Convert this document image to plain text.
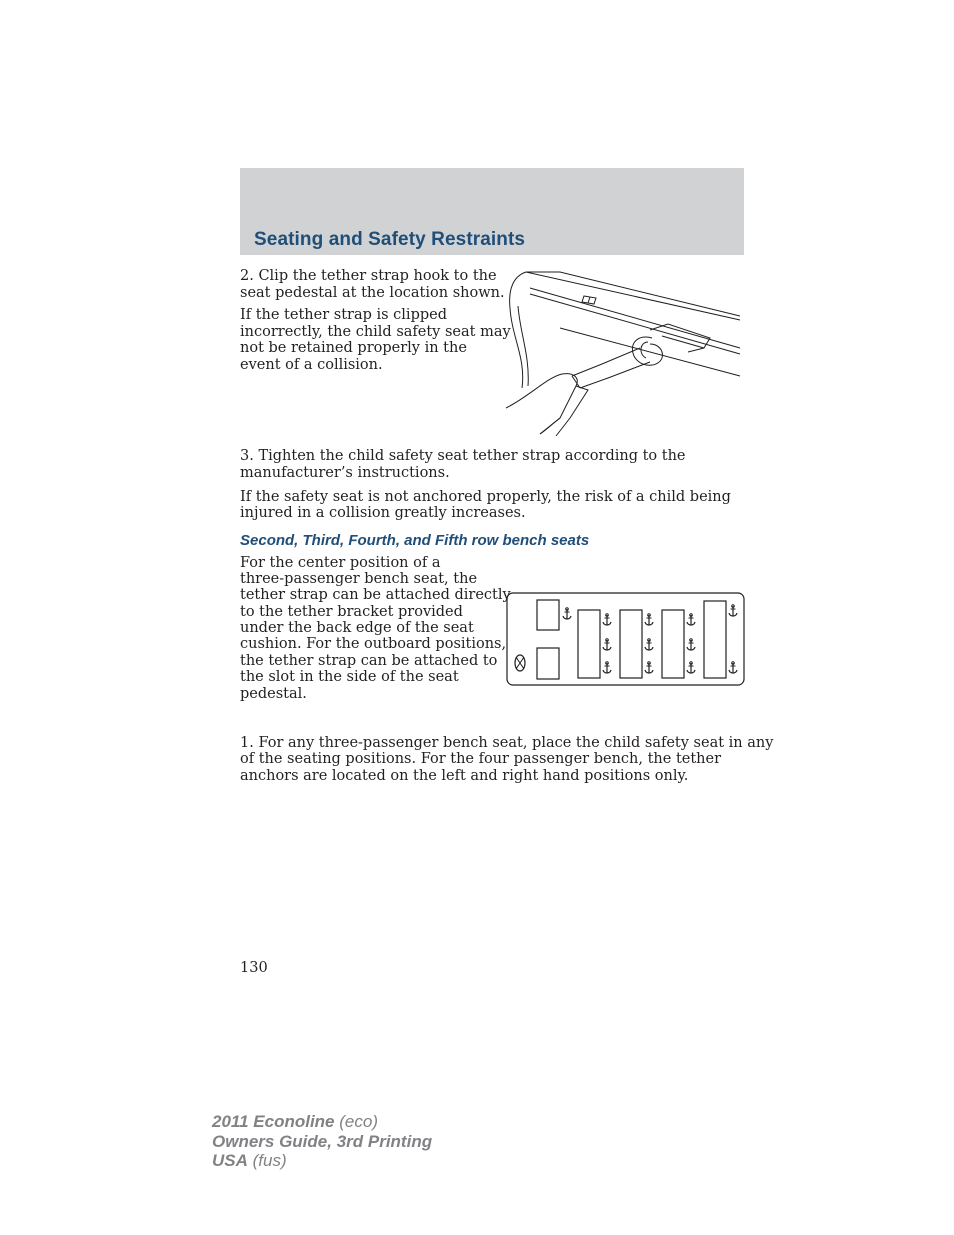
Seating and Safety Restraints

2. Clip the tether strap hook to the

seat pedestal at the location shown.

If the tether strap is clipped

incorrectly, the child safety seat may

not be retained properly in the

event of a collision.

3. Tighten the child safety seat tether strap according to the

manufacturer’s instructions.

If the safety seat is not anchored properly, the risk of a child being

injured in a collision greatly increases.

Second, Third, Fourth, and Fifth row bench seats

For the center position of a

three-passenger bench seat, the

tether strap can be attached directly

to the tether bracket provided

under the back edge of the seat

cushion. For the outboard positions,

the tether strap can be attached to

the slot in the side of the seat

pedestal.

1. For any three-passenger bench seat, place the child safety seat in any

of the seating positions. For the four passenger bench, the tether

anchors are located on the left and right hand positions only.

130
2011 Econoline (eco)
Owners Guide, 3rd Printing
USA (fus)
